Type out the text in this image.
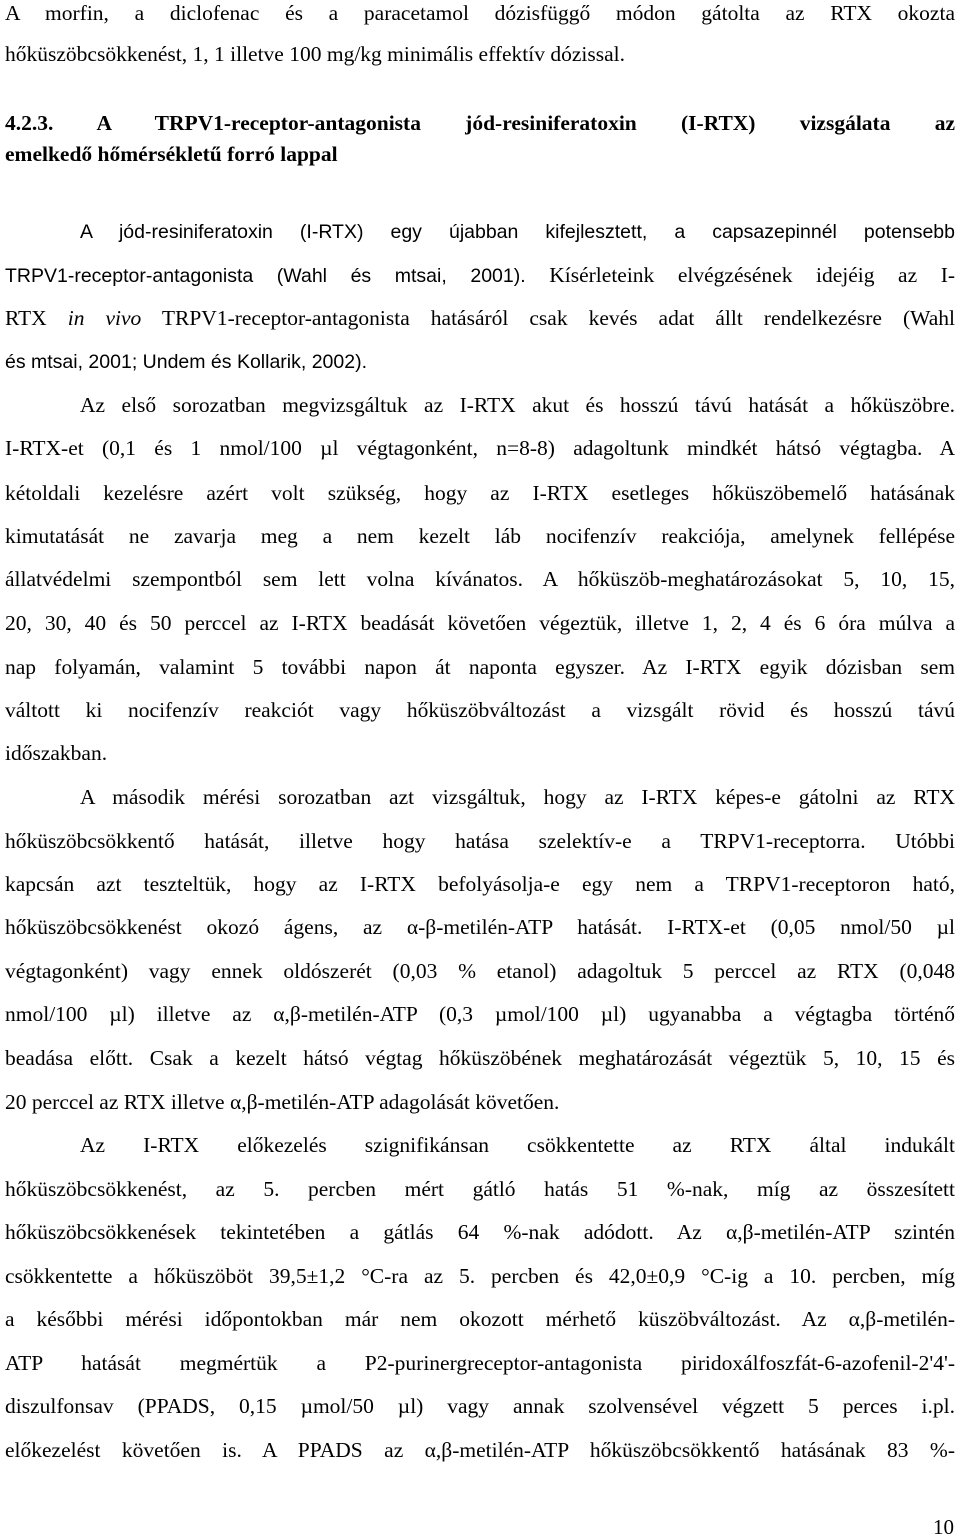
A morfin, a diclofenac és a paracetamol dózisfüggő módon gátolta az RTX okozta
hőküszöbcsökkenést, 1, 1 illetve 100 mg/kg minimális effektív dózissal.
4.2.3. A TRPV1-receptor-antagonista jód-resiniferatoxin (I-RTX) vizsgálata az
emelkedő hőmérsékletű forró lappal
A jód-resiniferatoxin (I-RTX) egy újabban kifejlesztett, a capsazepinnél potensebb
TRPV1-receptor-antagonista (Wahl és mtsai, 2001). Kísérleteink elvégzésének idejéig az I-
RTX in vivo TRPV1-receptor-antagonista hatásáról csak kevés adat állt rendelkezésre (Wahl
és mtsai, 2001; Undem és Kollarik, 2002).
Az első sorozatban megvizsgáltuk az I-RTX akut és hosszú távú hatását a hőküszöbre.
I-RTX-et (0,1 és 1 nmol/100 µl végtagonként, n=8-8) adagoltunk mindkét hátsó végtagba. A
kétoldali kezelésre azért volt szükség, hogy az I-RTX esetleges hőküszöbemelő hatásának
kimutatását ne zavarja meg a nem kezelt láb nocifenzív reakciója, amelynek fellépése
állatvédelmi szempontból sem lett volna kívánatos. A hőküszöb-meghatározásokat 5, 10, 15,
20, 30, 40 és 50 perccel az I-RTX beadását követően végeztük, illetve 1, 2, 4 és 6 óra múlva a
nap folyamán, valamint 5 további napon át naponta egyszer. Az I-RTX egyik dózisban sem
váltott ki nocifenzív reakciót vagy hőküszöbváltozást a vizsgált rövid és hosszú távú
időszakban.
A második mérési sorozatban azt vizsgáltuk, hogy az I-RTX képes-e gátolni az RTX
hőküszöbcsökkentő hatását, illetve hogy hatása szelektív-e a TRPV1-receptorra. Utóbbi
kapcsán azt teszteltük, hogy az I-RTX befolyásolja-e egy nem a TRPV1-receptoron ható,
hőküszöbcsökkenést okozó ágens, az α-β-metilén-ATP hatását. I-RTX-et (0,05 nmol/50 µl
végtagonként) vagy ennek oldószerét (0,03 % etanol) adagoltuk 5 perccel az RTX (0,048
nmol/100 µl) illetve az α,β-metilén-ATP (0,3 µmol/100 µl) ugyanabba a végtagba történő
beadása előtt. Csak a kezelt hátsó végtag hőküszöbének meghatározását végeztük 5, 10, 15 és
20 perccel az RTX illetve α,β-metilén-ATP adagolását követően.
Az I-RTX előkezelés szignifikánsan csökkentette az RTX által indukált
hőküszöbcsökkenést, az 5. percben mért gátló hatás 51 %-nak, míg az összesített
hőküszöbcsökkenések tekintetében a gátlás 64 %-nak adódott. Az α,β-metilén-ATP szintén
csökkentette a hőküszöböt 39,5±1,2 °C-ra az 5. percben és 42,0±0,9 °C-ig a 10. percben, míg
a későbbi mérési időpontokban már nem okozott mérhető küszöbváltozást. Az α,β-metilén-
ATP hatását megmértük a P2-purinergreceptor-antagonista piridoxálfoszfát-6-azofenil-2'4'-
diszulfonsav (PPADS, 0,15 µmol/50 µl) vagy annak szolvensével végzett 5 perces i.pl.
előkezelést követően is. A PPADS az α,β-metilén-ATP hőküszöbcsökkentő hatásának 83 %-
10
